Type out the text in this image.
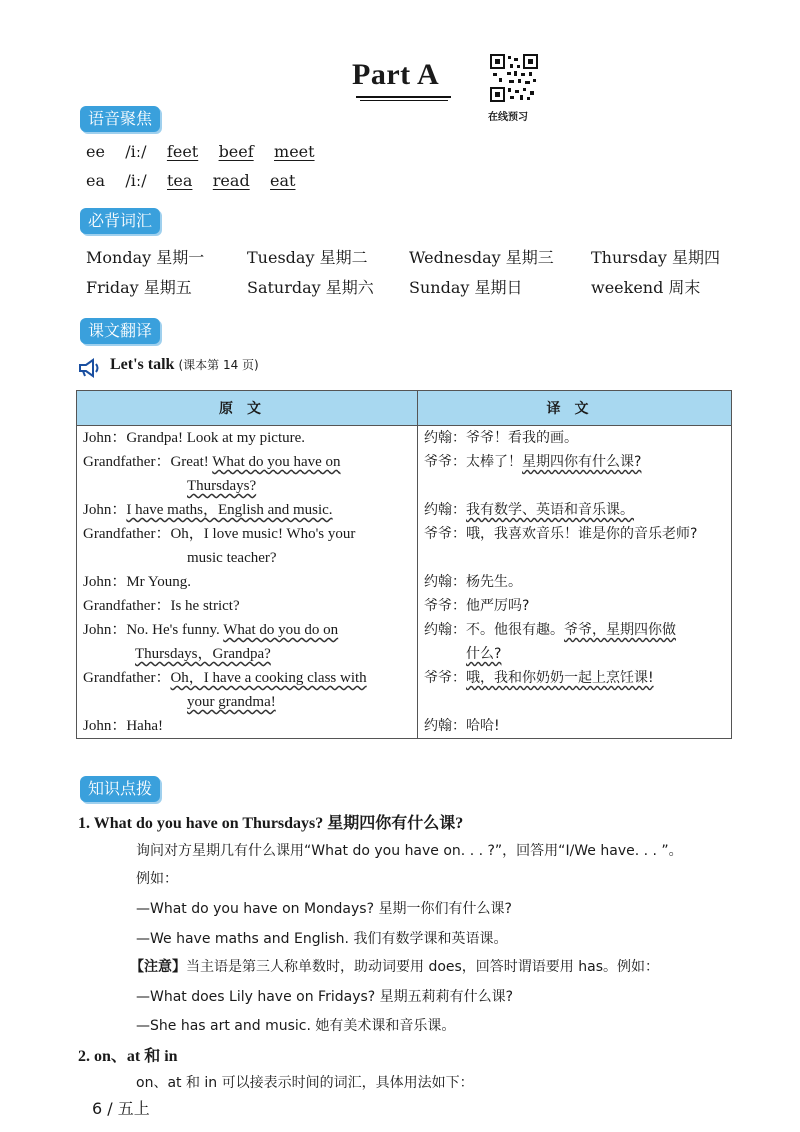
Part A
在线预习
语音聚焦
ee /iː/ feet beef meet
ea /iː/ tea read eat
必背词汇
Monday 星期一	Tuesday 星期二	Wednesday 星期三 Thursday 星期四
Friday 星期五	Saturday 星期六 Sunday 星期日	weekend 周末
课文翻译
Let's talk (课本第 14 页)
原文	译文
John：Grandpa! Look at my picture.	约翰：爷爷！看我的画。
Grandfather：Great! What do you have on
Thursdays?	爷爷：太棒了！星期四你有什么课?
John：I have maths，English and music.	约翰：我有数学、英语和音乐课。
Grandfather：Oh，I love music! Who's your
music teacher?	爷爷：哦，我喜欢音乐！谁是你的音乐老师?
John：Mr Young.	约翰：杨先生。
Grandfather：Is he strict?	爷爷：他严厉吗?
John：No. He's funny. What do you do on
Thursdays，Grandpa?	约翰：不。他很有趣。爷爷，星期四你做
什么?

Grandfather：Oh，I have a cooking class with
your grandma!	爷爷：哦，我和你奶奶一起上烹饪课!
John：Haha!	约翰：哈哈!
知识点拨
1. What do you have on Thursdays? 星期四你有什么课?
询问对方星期几有什么课用“What do you have on. . . ?”，回答用“I/We have. . . ”。
例如：
—What do you have on Mondays? 星期一你们有什么课?
—We have maths and English. 我们有数学课和英语课。
【注意】当主语是第三人称单数时，助动词要用 does，回答时谓语要用 has。例如：
—What does Lily have on Fridays? 星期五莉莉有什么课?
—She has art and music. 她有美术课和音乐课。
2. on、at 和 in
on、at 和 in 可以接表示时间的词汇，具体用法如下：
6 / 五上
